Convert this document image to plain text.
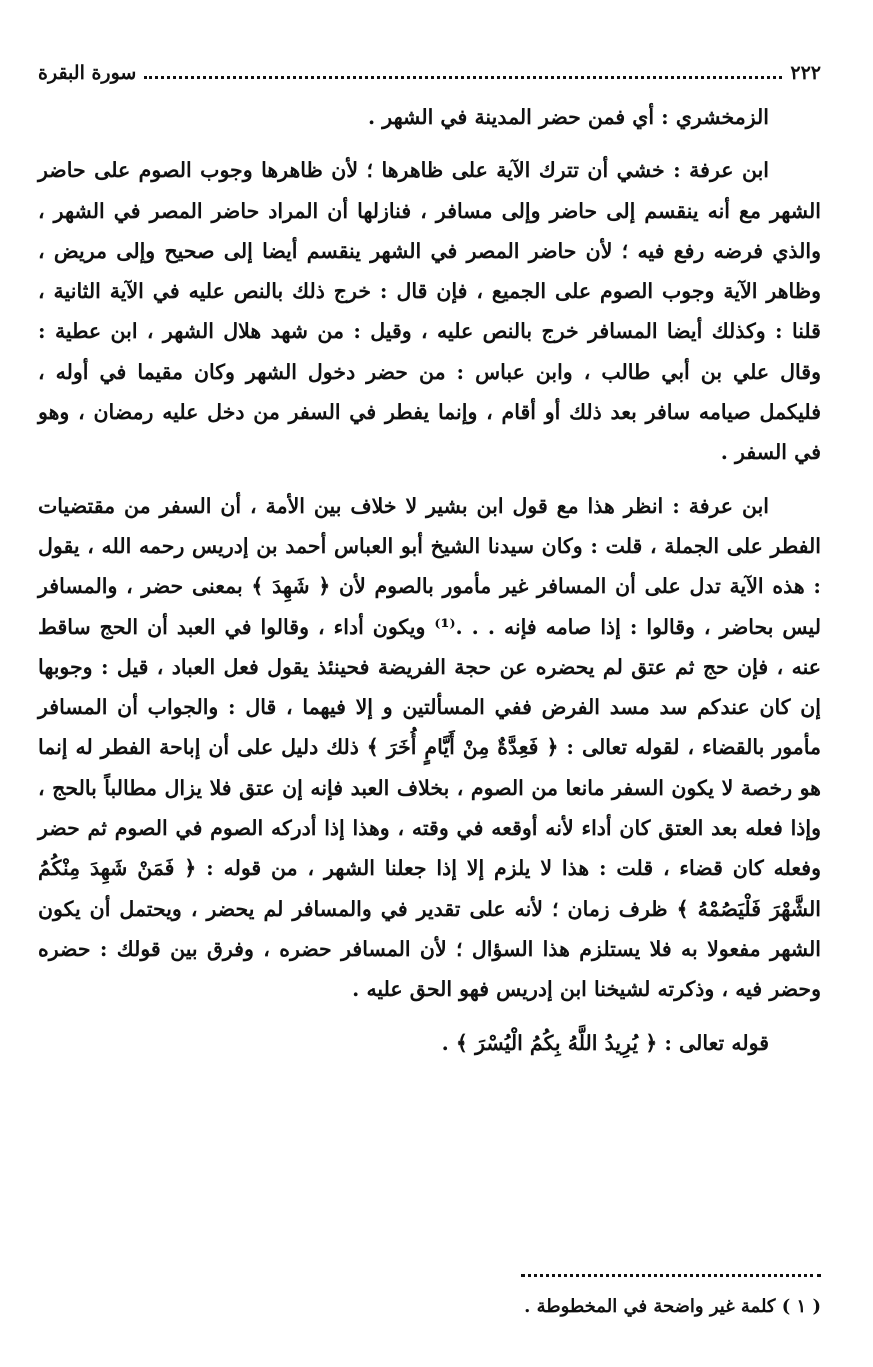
٢٢٢
سورة البقرة

الزمخشري : أي فمن حضر المدينة في الشهر .

ابن عرفة : خشي أن تترك الآية على ظاهرها ؛ لأن ظاهرها وجوب الصوم على حاضر الشهر مع أنه ينقسم إلى حاضر وإلى مسافر ، فنازلها أن المراد حاضر المصر في الشهر ، والذي فرضه رفع فيه ؛ لأن حاضر المصر في الشهر ينقسم أيضا إلى صحيح وإلى مريض ، وظاهر الآية وجوب الصوم على الجميع ، فإن قال : خرج ذلك بالنص عليه في الآية الثانية ، قلنا : وكذلك أيضا المسافر خرج بالنص عليه ، وقيل : من شهد هلال الشهر ، ابن عطية : وقال علي بن أبي طالب ، وابن عباس : من حضر دخول الشهر وكان مقيما في أوله ، فليكمل صيامه سافر بعد ذلك أو أقام ، وإنما يفطر في السفر من دخل عليه رمضان ، وهو في السفر .

ابن عرفة : انظر هذا مع قول ابن بشير لا خلاف بين الأمة ، أن السفر من مقتضيات الفطر على الجملة ، قلت : وكان سيدنا الشيخ أبو العباس أحمد بن إدريس رحمه الله ، يقول : هذه الآية تدل على أن المسافر غير مأمور بالصوم لأن ﴿ شَهِدَ ﴾ بمعنى حضر ، والمسافر ليس بحاضر ، وقالوا : إذا صامه فإنه . . .⁽¹⁾ ويكون أداء ، وقالوا في العبد أن الحج ساقط عنه ، فإن حج ثم عتق لم يحضره عن حجة الفريضة فحينئذ يقول فعل العباد ، قيل : وجوبها إن كان عندكم سد مسد الفرض ففي المسألتين و إلا فيهما ، قال : والجواب أن المسافر مأمور بالقضاء ، لقوله تعالى : ﴿ فَعِدَّةٌ مِنْ أَيَّامٍ أُخَرَ ﴾ ذلك دليل على أن إباحة الفطر له إنما هو رخصة لا يكون السفر مانعا من الصوم ، بخلاف العبد فإنه إن عتق فلا يزال مطالباً بالحج ، وإذا فعله بعد العتق كان أداء لأنه أوقعه في وقته ، وهذا إذا أدركه الصوم في الصوم ثم حضر وفعله كان قضاء ، قلت : هذا لا يلزم إلا إذا جعلنا الشهر ، من قوله : ﴿ فَمَنْ شَهِدَ مِنْكُمُ الشَّهْرَ فَلْيَصُمْهُ ﴾ ظرف زمان ؛ لأنه على تقدير في والمسافر لم يحضر ، ويحتمل أن يكون الشهر مفعولا به فلا يستلزم هذا السؤال ؛ لأن المسافر حضره ، وفرق بين قولك : حضره وحضر فيه ، وذكرته لشيخنا ابن إدريس فهو الحق عليه .

قوله تعالى : ﴿ يُرِيدُ اللَّهُ بِكُمُ الْيُسْرَ ﴾ .

( ١ ) كلمة غير واضحة في المخطوطة .
